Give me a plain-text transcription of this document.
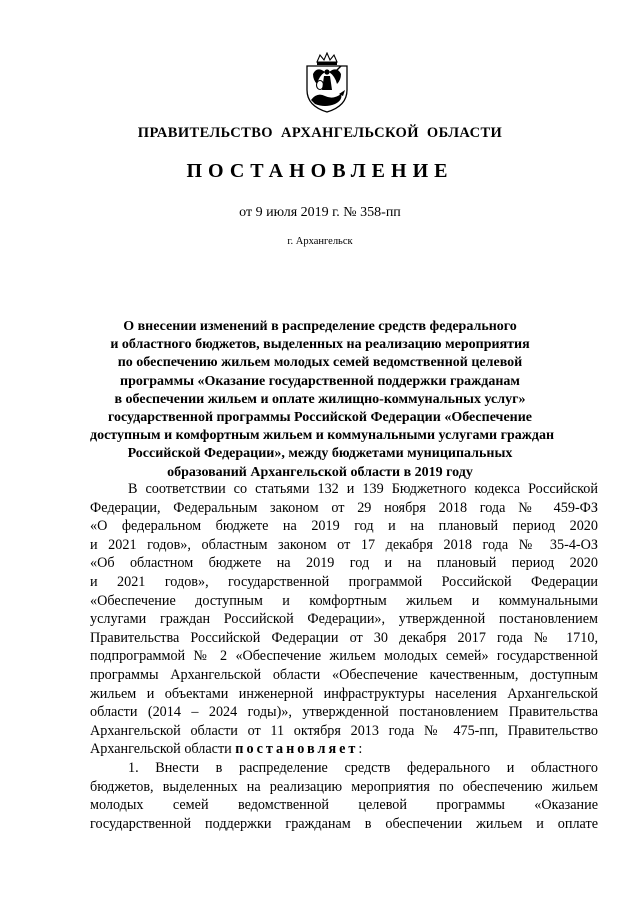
ПРАВИТЕЛЬСТВО АРХАНГЕЛЬСКОЙ ОБЛАСТИ
ПОСТАНОВЛЕНИЕ
от 9 июля 2019 г. № 358-пп
г. Архангельск
О внесении изменений в распределение средств федерального
и областного бюджетов, выделенных на реализацию мероприятия
по обеспечению жильем молодых семей ведомственной целевой
программы «Оказание государственной поддержки гражданам
в обеспечении жильем и оплате жилищно-коммунальных услуг»
государственной программы Российской Федерации «Обеспечение
доступным и комфортным жильем и коммунальными услугами граждан
Российской Федерации», между бюджетами муниципальных
образований Архангельской области в 2019 году
В соответствии со статьями 132 и 139 Бюджетного кодекса Российской
Федерации, Федеральным законом от 29 ноября 2018 года № 459-ФЗ
«О федеральном бюджете на 2019 год и на плановый период 2020
и 2021 годов», областным законом от 17 декабря 2018 года № 35-4-ОЗ
«Об областном бюджете на 2019 год и на плановый период 2020
и 2021 годов», государственной программой Российской Федерации
«Обеспечение доступным и комфортным жильем и коммунальными
услугами граждан Российской Федерации», утвержденной постановлением
Правительства Российской Федерации от 30 декабря 2017 года № 1710,
подпрограммой № 2 «Обеспечение жильем молодых семей» государственной
программы Архангельской области «Обеспечение качественным, доступным
жильем и объектами инженерной инфраструктуры населения Архангельской
области (2014 – 2024 годы)», утвержденной постановлением Правительства
Архангельской области от 11 октября 2013 года № 475-пп, Правительство
Архангельской области постановляет:
1. Внести в распределение средств федерального и областного
бюджетов, выделенных на реализацию мероприятия по обеспечению жильем
молодых семей ведомственной целевой программы «Оказание
государственной поддержки гражданам в обеспечении жильем и оплате
